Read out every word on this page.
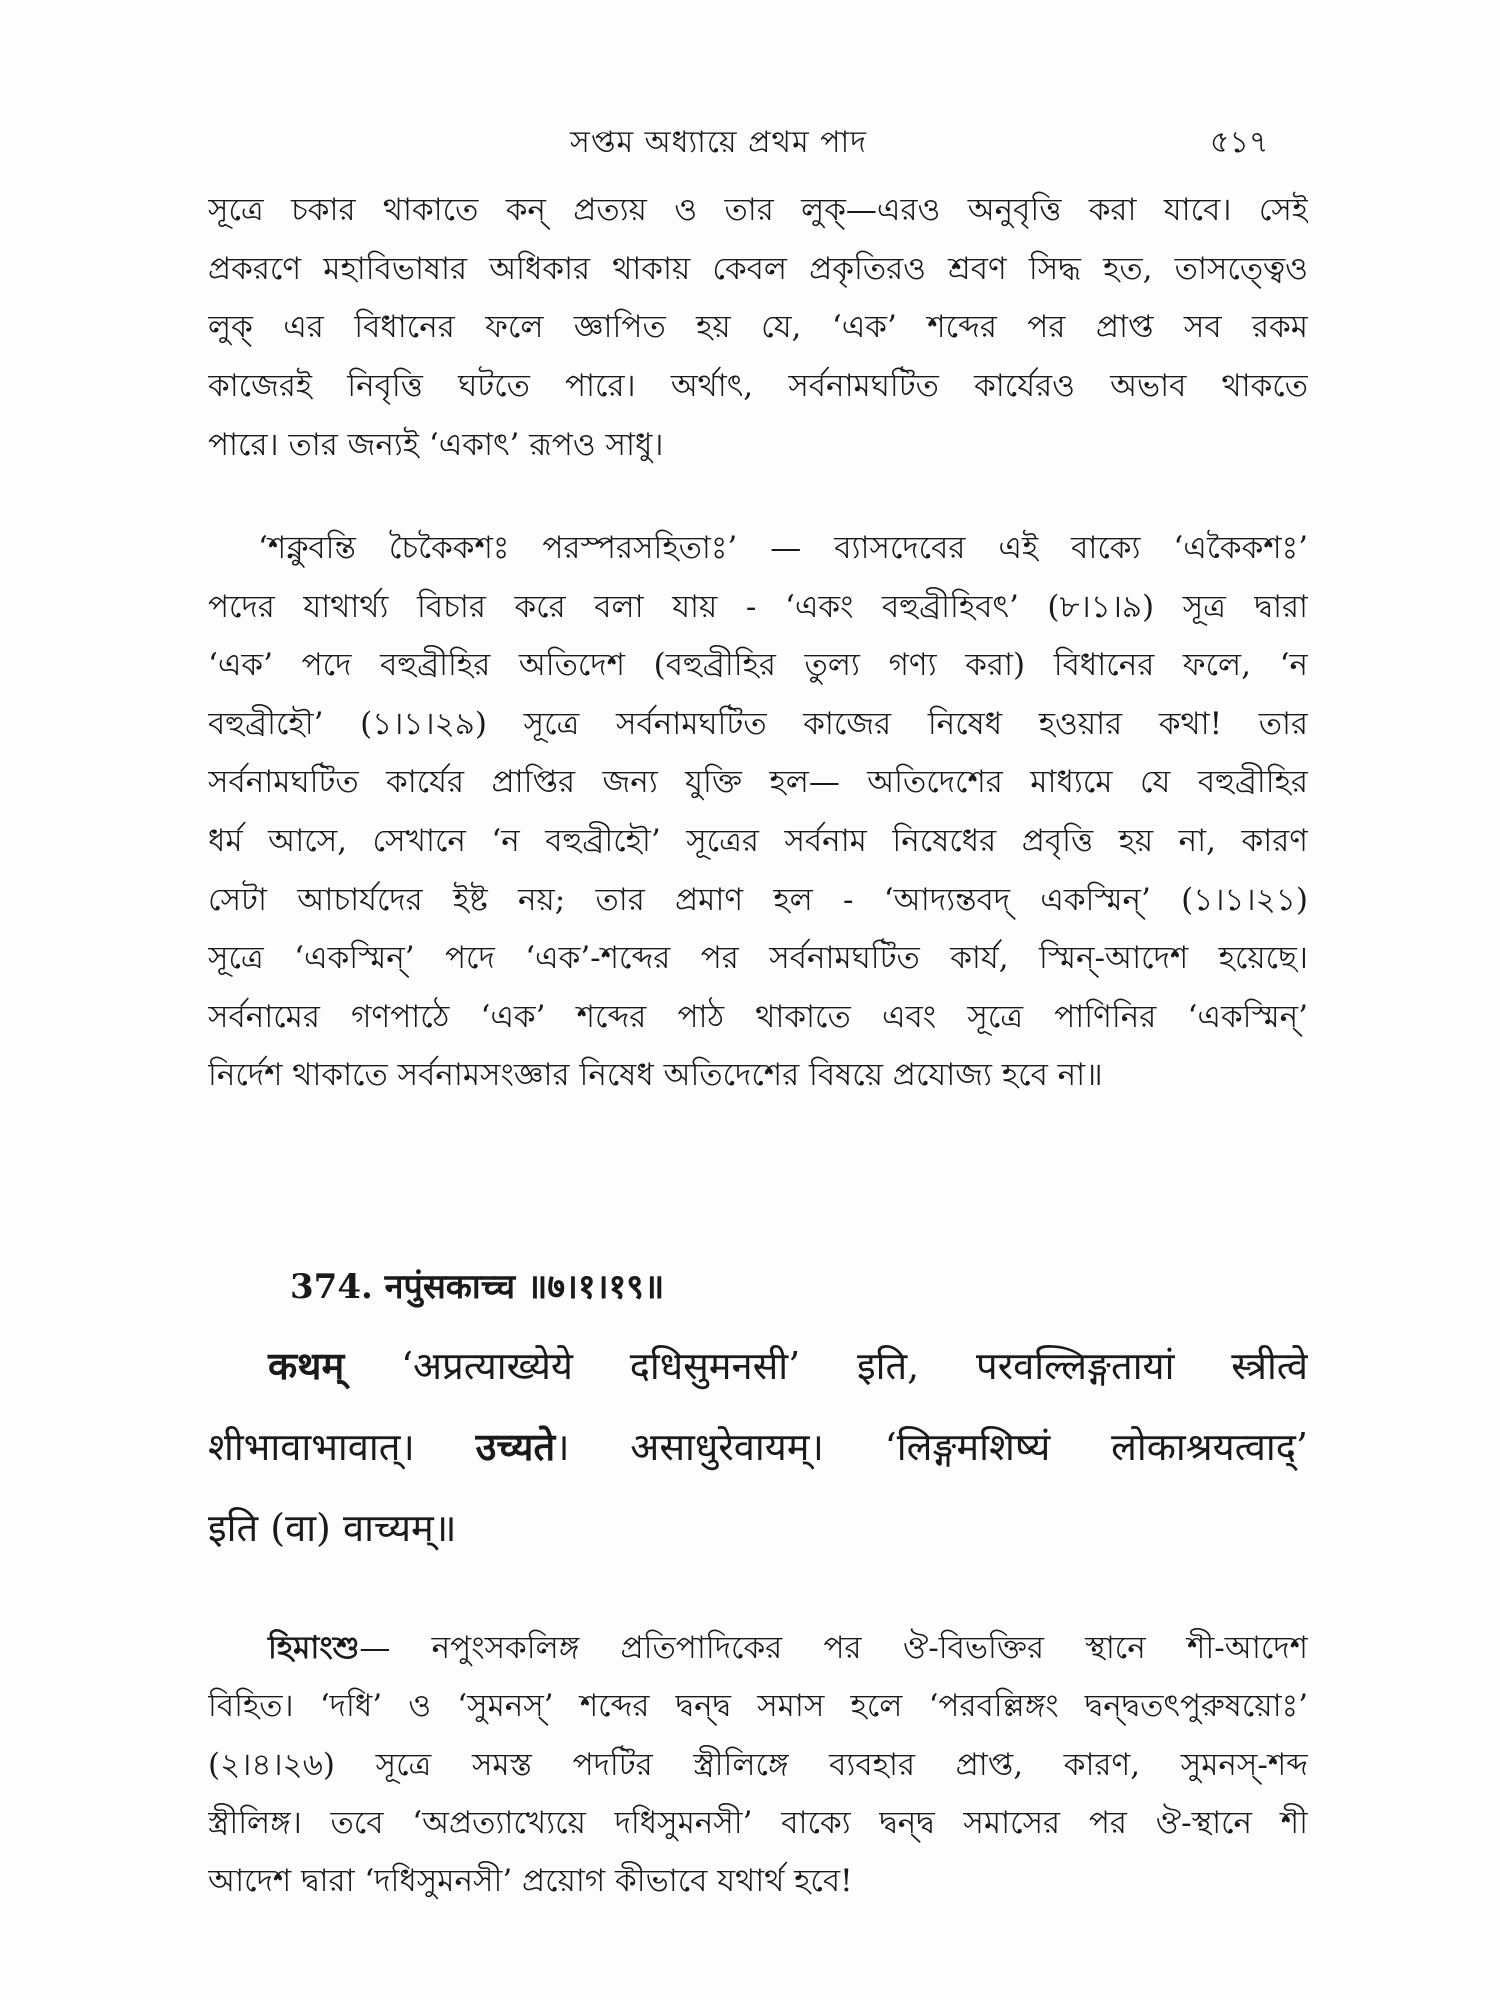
সপ্তম অধ্যায়ে প্রথম পাদ	৫১৭
সূত্রে চকার থাকাতে কন্ প্রত্যয় ও তার লুক্—এরও অনুবৃত্তি করা যাবে। সেই
প্রকরণে মহাবিভাষার অধিকার থাকায় কেবল প্রকৃতিরও শ্রবণ সিদ্ধ হত, তাসত্ত্বেও
লুক্ এর বিধানের ফলে জ্ঞাপিত হয় যে, ‘এক’ শব্দের পর প্রাপ্ত সব রকম
কাজেরই নিবৃত্তি ঘটতে পারে। অর্থাৎ, সর্বনামঘটিত কার্যেরও অভাব থাকতে
পারে। তার জন্যই ‘একাৎ’ রূপও সাধু।
‘শক্নুবন্তি চৈকৈকশঃ পরস্পরসহিতাঃ’ — ব্যাসদেবের এই বাক্যে ‘একৈকশঃ’
পদের যাথার্থ্য বিচার করে বলা যায় - ‘একং বহুব্রীহিবৎ’ (৮।১।৯) সূত্র দ্বারা
‘এক’ পদে বহুব্রীহির অতিদেশ (বহুব্রীহির তুল্য গণ্য করা) বিধানের ফলে, ‘ন
বহুব্রীহৌ’ (১।১।২৯) সূত্রে সর্বনামঘটিত কাজের নিষেধ হওয়ার কথা! তার
সর্বনামঘটিত কার্যের প্রাপ্তির জন্য যুক্তি হল— অতিদেশের মাধ্যমে যে বহুব্রীহির
ধর্ম আসে, সেখানে ‘ন বহুব্রীহৌ’ সূত্রের সর্বনাম নিষেধের প্রবৃত্তি হয় না, কারণ
সেটা আচার্যদের ইষ্ট নয়; তার প্রমাণ হল - ‘আদ্যন্তবদ্ একস্মিন্’ (১।১।২১)
সূত্রে ‘একস্মিন্’ পদে ‘এক’-শব্দের পর সর্বনামঘটিত কার্য, স্মিন্-আদেশ হয়েছে।
সর্বনামের গণপাঠে ‘এক’ শব্দের পাঠ থাকাতে এবং সূত্রে পাণিনির ‘একস্মিন্’
নির্দেশ থাকাতে সর্বনামসংজ্ঞার নিষেধ অতিদেশের বিষয়ে প্রযোজ্য হবে না॥
374. नपुंसकाच्च ॥७।१।१९॥
कथम् ‘अप्रत्याख्येये दधिसुमनसी’ इति, परवल्लिङ्गतायां स्त्रीत्वे
शीभावाभावात्। उच्यते। असाधुरेवायम्। ‘लिङ्गमशिष्यं लोकाश्रयत्वाद्’
इति (वा) वाच्यम्॥
হিমাংশু— নপুংসকলিঙ্গ প্রতিপাদিকের পর ঔ-বিভক্তির স্থানে শী-আদেশ
বিহিত। ‘দধি’ ও ‘সুমনস্’ শব্দের দ্বন্দ্ব সমাস হলে ‘পরবল্লিঙ্গং দ্বন্দ্বতৎপুরুষয়োঃ’
(২।৪।২৬) সূত্রে সমস্ত পদটির স্ত্রীলিঙ্গে ব্যবহার প্রাপ্ত, কারণ, সুমনস্-শব্দ
স্ত্রীলিঙ্গ। তবে ‘অপ্রত্যাখ্যেয়ে দধিসুমনসী’ বাক্যে দ্বন্দ্ব সমাসের পর ঔ-স্থানে শী
আদেশ দ্বারা ‘দধিসুমনসী’ প্রয়োগ কীভাবে যথার্থ হবে!
